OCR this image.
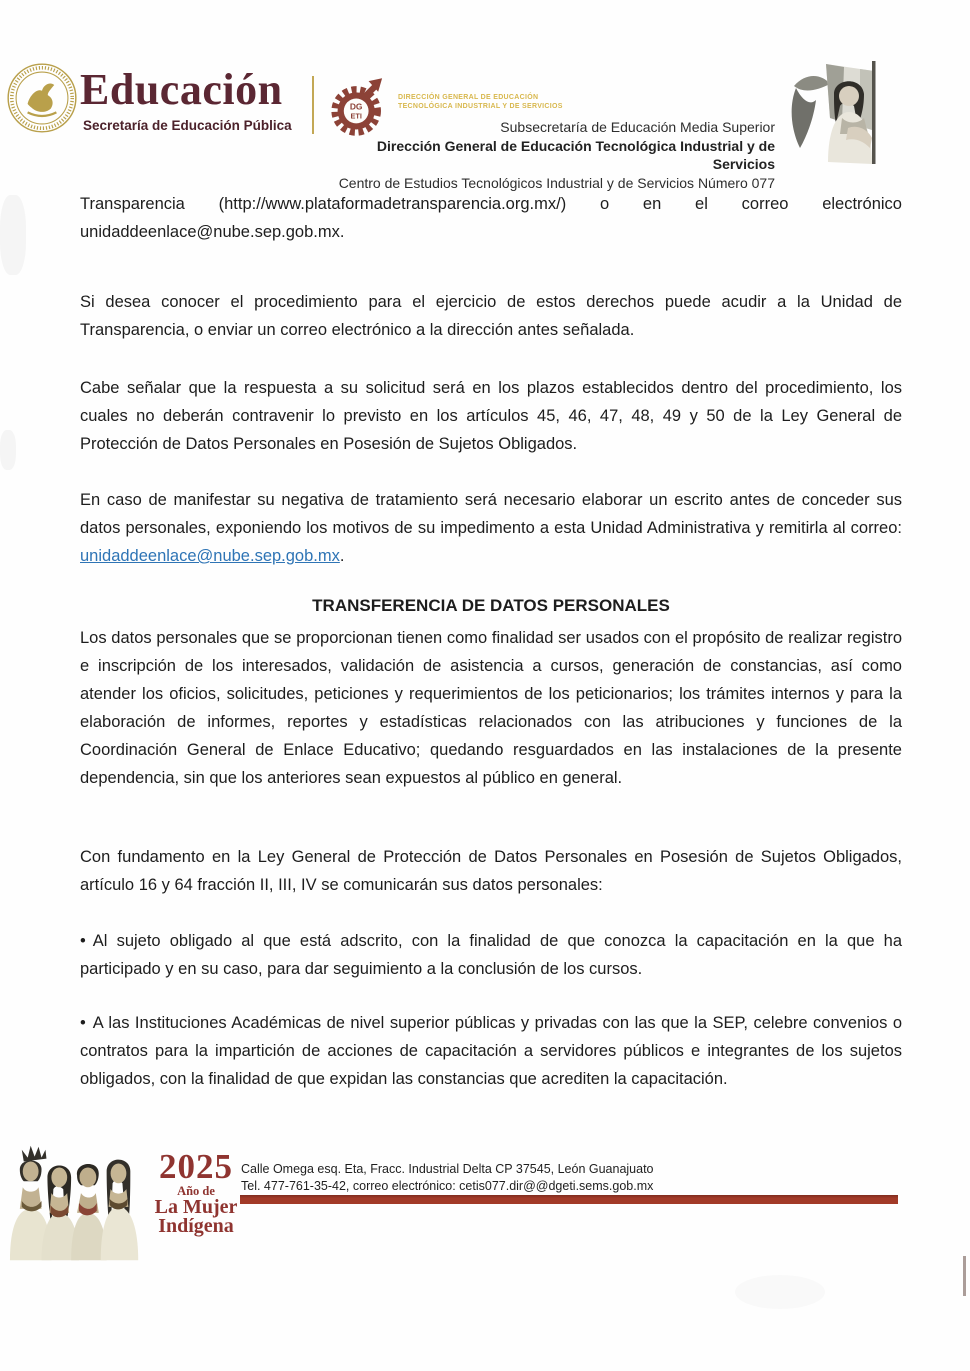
Educación
Secretaría de Educación Pública
DG
ETI
DIRECCIÓN GENERAL DE EDUCACIÓN
TECNOLÓGICA INDUSTRIAL Y DE SERVICIOS
Subsecretaría de Educación Media Superior
Dirección General de Educación Tecnológica Industrial y de Servicios
Centro de Estudios Tecnológicos Industrial y de Servicios Número 077

Transparencia (http://www.plataformadetransparencia.org.mx/) o en el correo electrónico unidaddeenlace@nube.sep.gob.mx.

Si desea conocer el procedimiento para el ejercicio de estos derechos puede acudir a la Unidad de Transparencia, o enviar un correo electrónico a la dirección antes señalada.

Cabe señalar que la respuesta a su solicitud será en los plazos establecidos dentro del procedimiento, los cuales no deberán contravenir lo previsto en los artículos 45, 46, 47, 48, 49 y 50 de la Ley General de Protección de Datos Personales en Posesión de Sujetos Obligados.

En caso de manifestar su negativa de tratamiento será necesario elaborar un escrito antes de conceder sus datos personales, exponiendo los motivos de su impedimento a esta Unidad Administrativa y remitirla al correo: unidaddeenlace@nube.sep.gob.mx.

TRANSFERENCIA DE DATOS PERSONALES

Los datos personales que se proporcionan tienen como finalidad ser usados con el propósito de realizar registro e inscripción de los interesados, validación de asistencia a cursos, generación de constancias, así como atender los oficios, solicitudes, peticiones y requerimientos de los peticionarios; los trámites internos y para la elaboración de informes, reportes y estadísticas relacionados con las atribuciones y funciones de la Coordinación General de Enlace Educativo; quedando resguardados en las instalaciones de la presente dependencia, sin que los anteriores sean expuestos al público en general.

Con fundamento en la Ley General de Protección de Datos Personales en Posesión de Sujetos Obligados, artículo 16 y 64 fracción II, III, IV se comunicarán sus datos personales:

• Al sujeto obligado al que está adscrito, con la finalidad de que conozca la capacitación en la que ha participado y en su caso, para dar seguimiento a la conclusión de los cursos.

• A las Instituciones Académicas de nivel superior públicas y privadas con las que la SEP, celebre convenios o contratos para la impartición de acciones de capacitación a servidores públicos e integrantes de los sujetos obligados, con la finalidad de que expidan las constancias que acrediten la capacitación.

2025
Año de
La Mujer
Indígena
Calle Omega esq. Eta, Fracc. Industrial Delta CP 37545, León Guanajuato
Tel. 477-761-35-42, correo electrónico: cetis077.dir@@dgeti.sems.gob.mx
